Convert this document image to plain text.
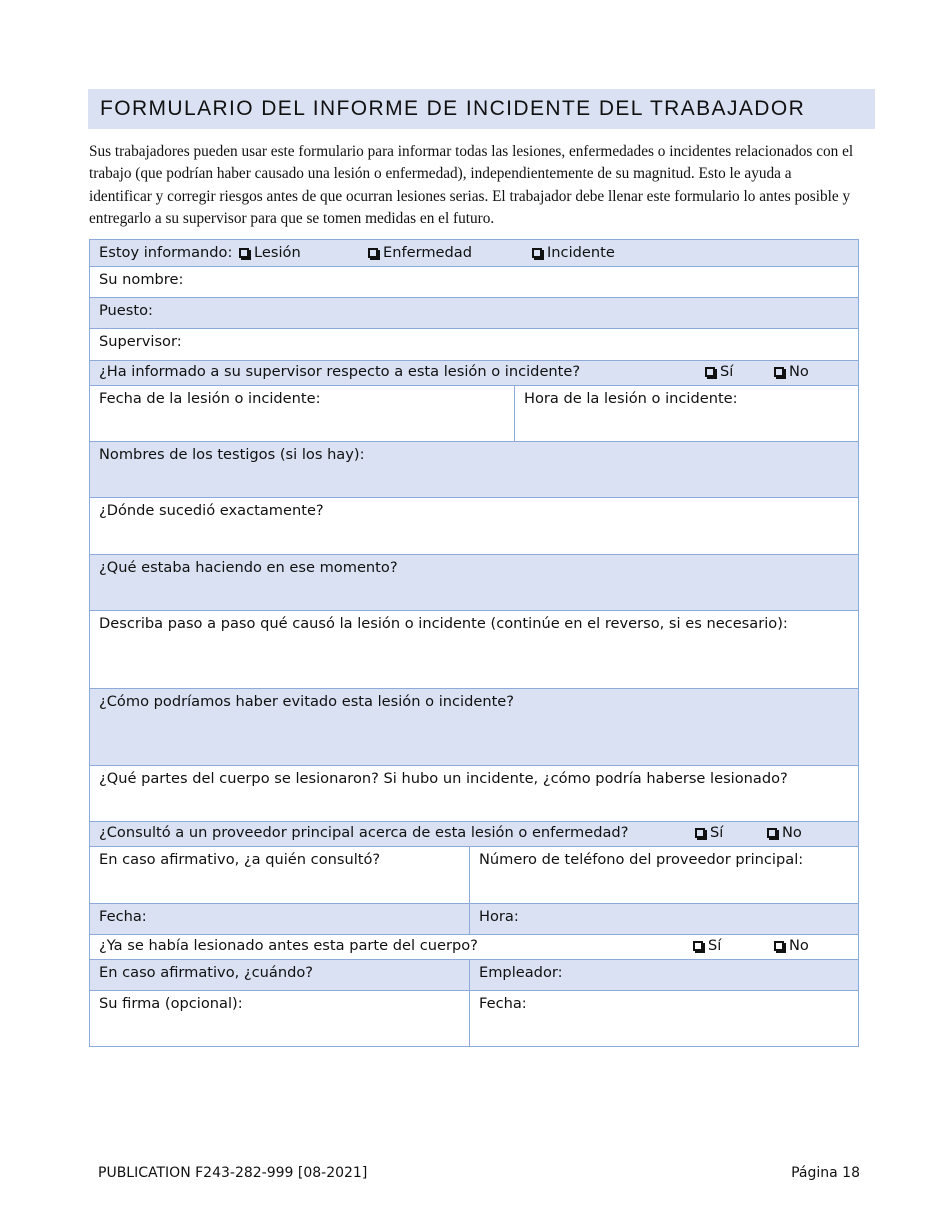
FORMULARIO DEL INFORME DE INCIDENTE DEL TRABAJADOR

Sus trabajadores pueden usar este formulario para informar todas las lesiones, enfermedades o incidentes relacionados con el trabajo (que podrían haber causado una lesión o enfermedad), independientemente de su magnitud. Esto le ayuda a identificar y corregir riesgos antes de que ocurran lesiones serias. El trabajador debe llenar este formulario lo antes posible y entregarlo a su supervisor para que se tomen medidas en el futuro.

Estoy informando:	Lesión	Enfermedad	Incidente
Su nombre:
Puesto:
Supervisor:
¿Ha informado a su supervisor respecto a esta lesión o incidente?	Sí	No
Fecha de la lesión o incidente:	Hora de la lesión o incidente:
Nombres de los testigos (si los hay):
¿Dónde sucedió exactamente?
¿Qué estaba haciendo en ese momento?
Describa paso a paso qué causó la lesión o incidente (continúe en el reverso, si es necesario):
¿Cómo podríamos haber evitado esta lesión o incidente?
¿Qué partes del cuerpo se lesionaron? Si hubo un incidente, ¿cómo podría haberse lesionado?
¿Consultó a un proveedor principal acerca de esta lesión o enfermedad?	Sí	No
En caso afirmativo, ¿a quién consultó?	Número de teléfono del proveedor principal:
Fecha:	Hora:
¿Ya se había lesionado antes esta parte del cuerpo?	Sí	No
En caso afirmativo, ¿cuándo?	Empleador:
Su firma (opcional):	Fecha:
PUBLICATION F243-282-999 [08-2021]	Página 18
